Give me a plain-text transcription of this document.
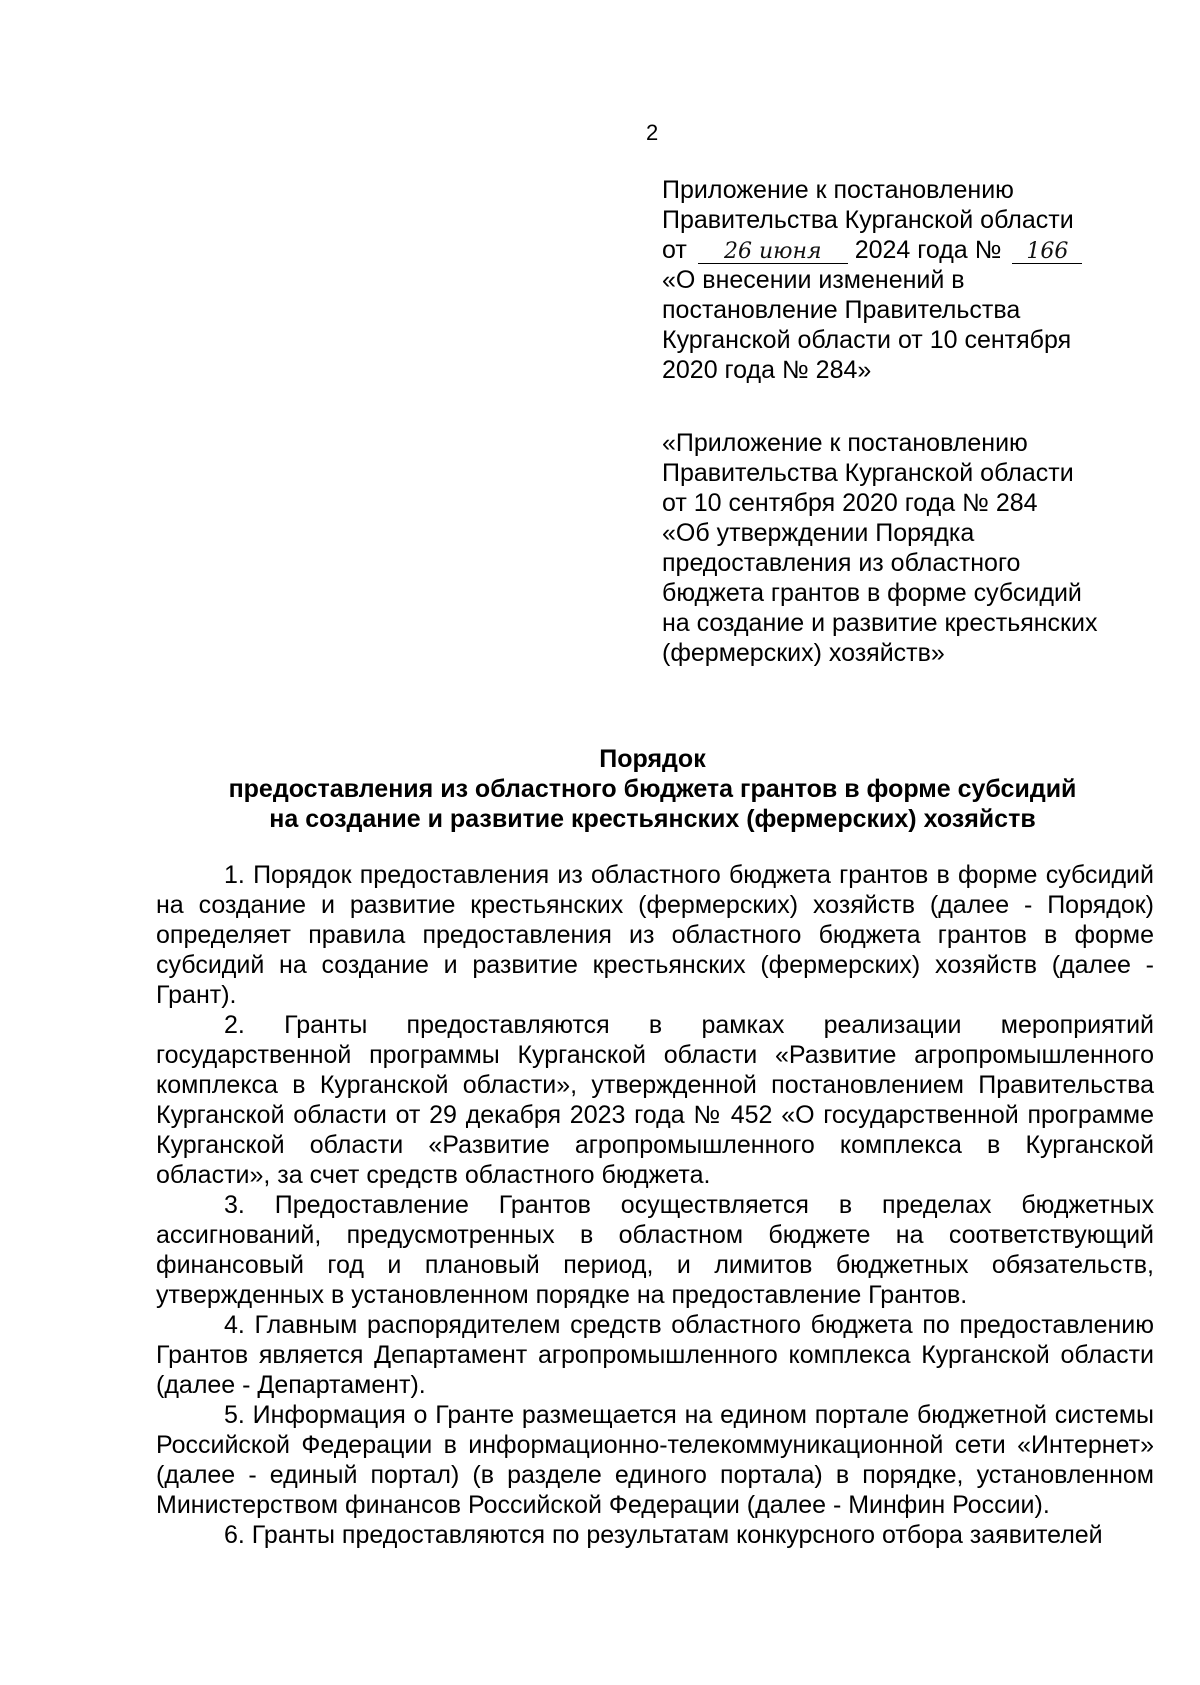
2
Приложение к постановлению
Правительства Курганской области
от 26 июня 2024 года № 166
«О внесении изменений в
постановление Правительства
Курганской области от 10 сентября
2020 года № 284»
«Приложение к постановлению
Правительства Курганской области
от 10 сентября 2020 года № 284
«Об утверждении Порядка
предоставления из областного
бюджета грантов в форме субсидий
на создание и развитие крестьянских
(фермерских) хозяйств»
Порядок
предоставления из областного бюджета грантов в форме субсидий
на создание и развитие крестьянских (фермерских) хозяйств

1. Порядок предоставления из областного бюджета грантов в форме субсидий на создание и развитие крестьянских (фермерских) хозяйств (далее - Порядок) определяет правила предоставления из областного бюджета грантов в форме субсидий на создание и развитие крестьянских (фермерских) хозяйств (далее - Грант).

2. Гранты предоставляются в рамках реализации мероприятий государственной программы Курганской области «Развитие агропромышленного комплекса в Курганской области», утвержденной постановлением Правительства Курганской области от 29 декабря 2023 года № 452 «О государственной программе Курганской области «Развитие агропромышленного комплекса в Курганской области», за счет средств областного бюджета.

3. Предоставление Грантов осуществляется в пределах бюджетных ассигнований, предусмотренных в областном бюджете на соответствующий финансовый год и плановый период, и лимитов бюджетных обязательств, утвержденных в установленном порядке на предоставление Грантов.

4. Главным распорядителем средств областного бюджета по предоставлению Грантов является Департамент агропромышленного комплекса Курганской области (далее - Департамент).

5. Информация о Гранте размещается на едином портале бюджетной системы Российской Федерации в информационно-телекоммуникационной сети «Интернет» (далее - единый портал) (в разделе единого портала) в порядке, установленном Министерством финансов Российской Федерации (далее - Минфин России).

6. Гранты предоставляются по результатам конкурсного отбора заявителей
